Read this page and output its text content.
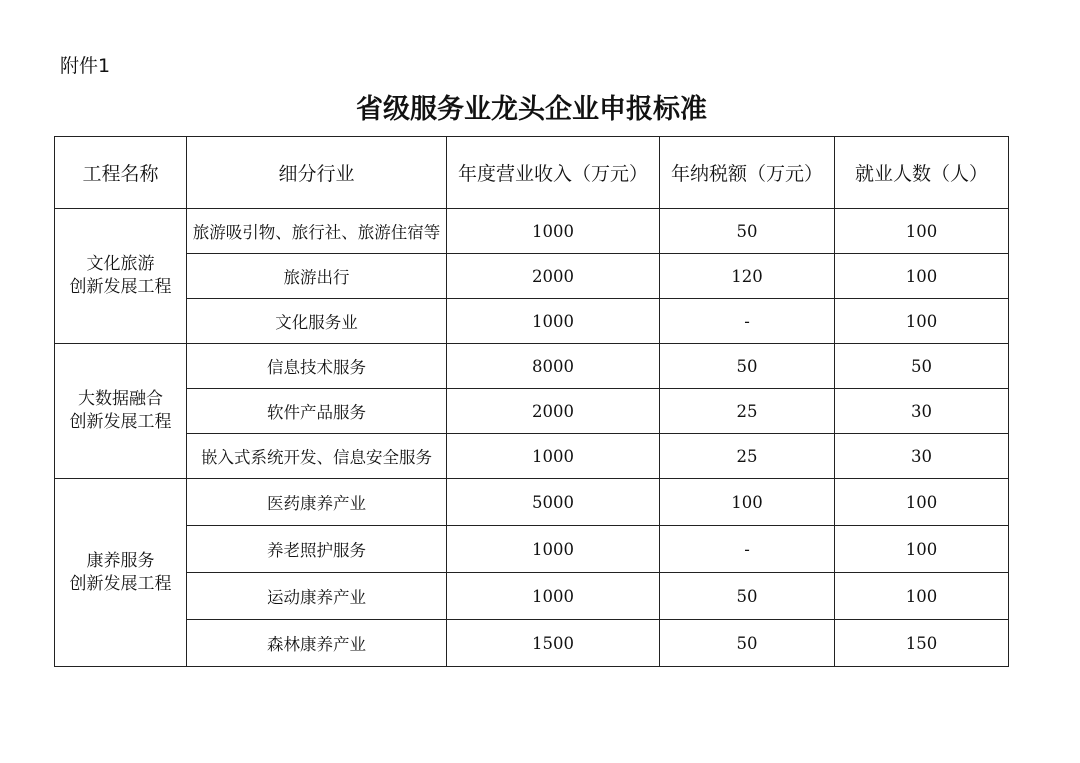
附件1
省级服务业龙头企业申报标准
工程名称	细分行业	年度营业收入（万元）	年纳税额（万元）	就业人数（人）

文化旅游
创新发展工程	旅游吸引物、旅行社、旅游住宿等	1000	50	100
	旅游出行	2000	120	100
	文化服务业	1000	-	100

大数据融合
创新发展工程	信息技术服务	8000	50	50
	软件产品服务	2000	25	30
	嵌入式系统开发、信息安全服务	1000	25	30

康养服务
创新发展工程	医药康养产业	5000	100	100
	养老照护服务	1000	-	100
	运动康养产业	1000	50	100
	森林康养产业	1500	50	150
